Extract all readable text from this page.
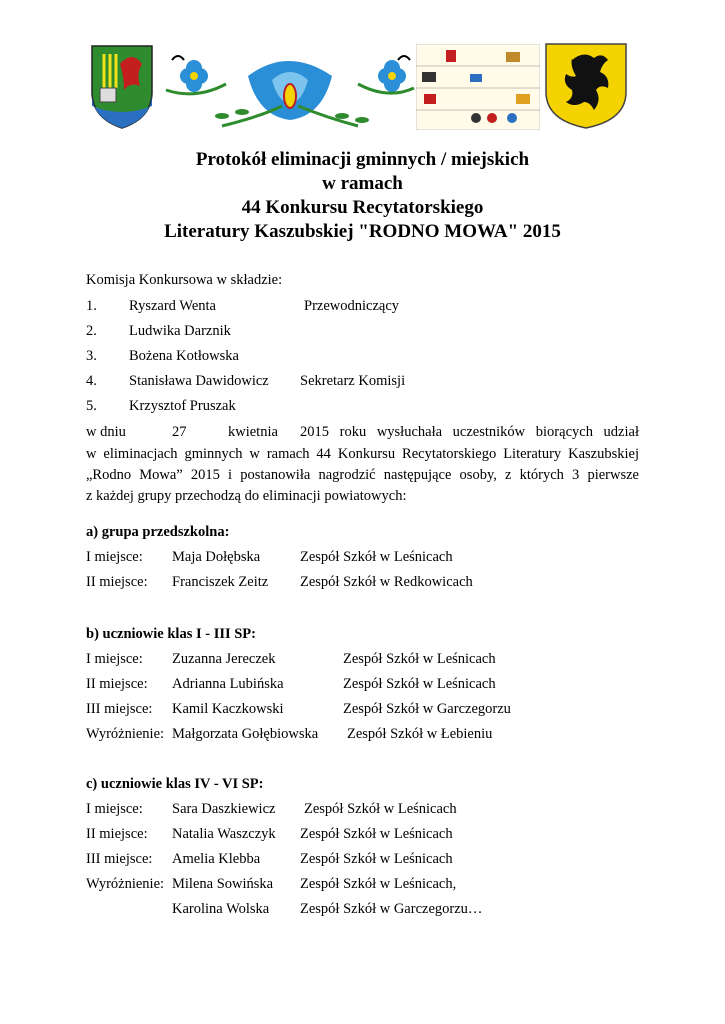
Protokół eliminacji gminnych / miejskich
w ramach
44 Konkursu Recytatorskiego
Literatury Kaszubskiej "RODNO MOWA" 2015
Komisja Konkursowa w składzie:
1. Ryszard Wenta	Przewodniczący
2. Ludwika Darznik
3. Bożena Kotłowska
4. Stanisława Dawidowicz Sekretarz Komisji
5. Krzysztof Pruszak
w dniu	27	kwietnia 2015 roku wysłuchała uczestników biorących udział
w eliminacjach gminnych w ramach 44 Konkursu Recytatorskiego Literatury Kaszubskiej
„Rodno Mowa” 2015 i postanowiła nagrodzić następujące osoby, z których 3 pierwsze
z każdej grupy przechodzą do eliminacji powiatowych:
a) grupa przedszkolna:
I miejsce: Maja Dołębska	Zespół Szkół w Leśnicach
II miejsce: Franciszek Zeitz Zespół Szkół w Redkowicach
b) uczniowie klas I - III SP:
I miejsce: Zuzanna Jereczek	Zespół Szkół w Leśnicach
II miejsce: Adrianna Lubińska	Zespół Szkół w Leśnicach
III miejsce: Kamil Kaczkowski	Zespół Szkół w Garczegorzu
Wyróżnienie: Małgorzata Gołębiowska Zespół Szkół w Łebieniu
c) uczniowie klas IV - VI SP:
I miejsce: Sara Daszkiewicz Zespół Szkół w Leśnicach
II miejsce: Natalia Waszczyk Zespół Szkół w Leśnicach
III miejsce: Amelia Klebba	Zespół Szkół w Leśnicach
Wyróżnienie: Milena Sowińska Zespół Szkół w Leśnicach,
Karolina Wolska Zespół Szkół w Garczegorzu…
